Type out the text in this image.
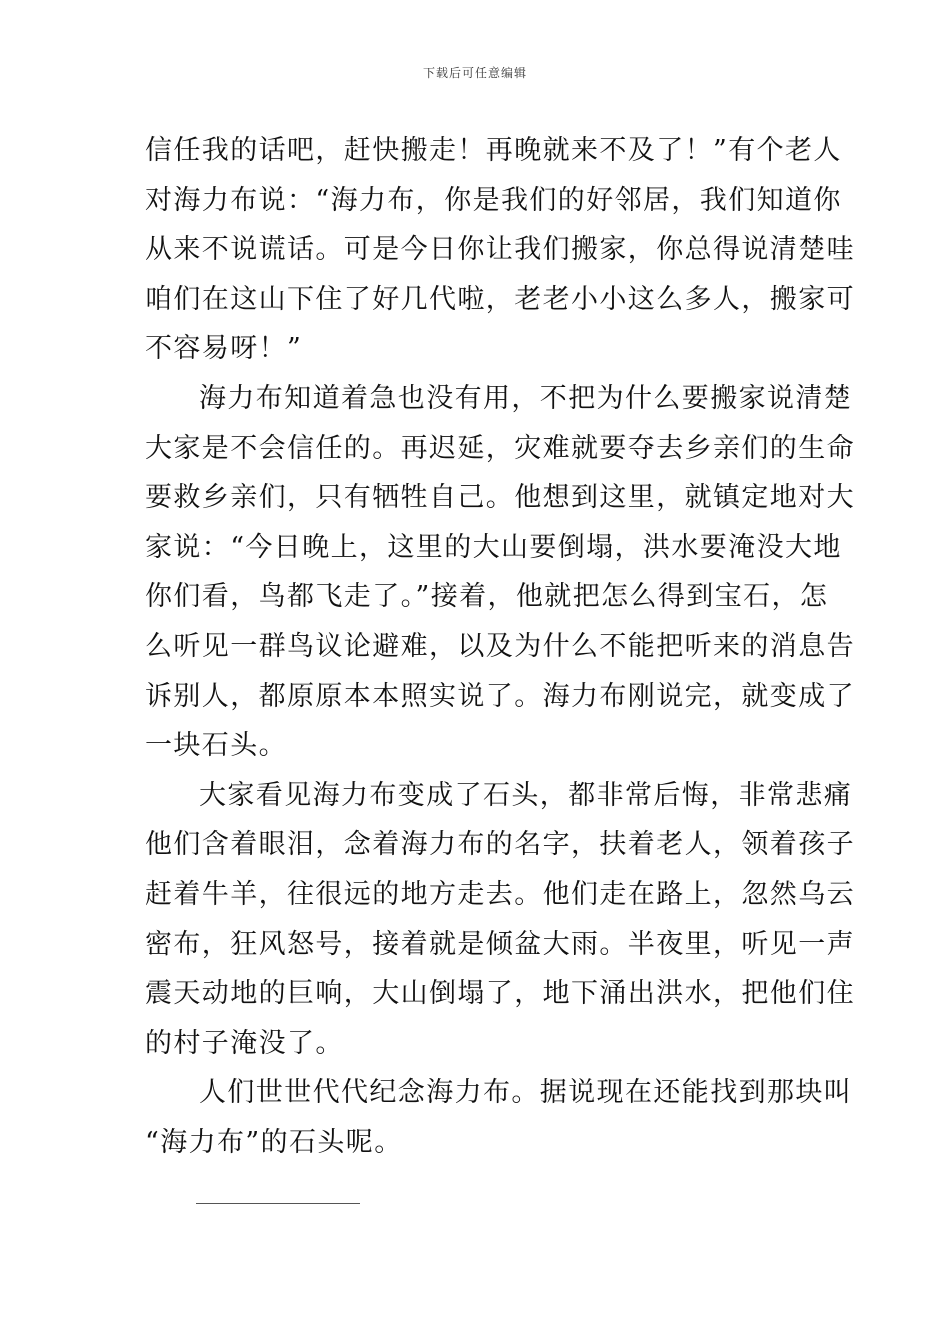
下载后可任意编辑
信任我的话吧，赶快搬走！再晚就来不及了！”有个老人
对海力布说：“海力布，你是我们的好邻居，我们知道你
从来不说谎话。可是今日你让我们搬家，你总得说清楚哇
咱们在这山下住了好几代啦，老老小小这么多人，搬家可
不容易呀！”
海力布知道着急也没有用，不把为什么要搬家说清楚
大家是不会信任的。再迟延，灾难就要夺去乡亲们的生命
要救乡亲们，只有牺牲自己。他想到这里，就镇定地对大
家说：“今日晚上，这里的大山要倒塌，洪水要淹没大地
你们看，鸟都飞走了。”接着，他就把怎么得到宝石，怎
么听见一群鸟议论避难，以及为什么不能把听来的消息告
诉别人，都原原本本照实说了。海力布刚说完，就变成了
一块石头。
大家看见海力布变成了石头，都非常后悔，非常悲痛
他们含着眼泪，念着海力布的名字，扶着老人，领着孩子
赶着牛羊，往很远的地方走去。他们走在路上，忽然乌云
密布，狂风怒号，接着就是倾盆大雨。半夜里，听见一声
震天动地的巨响，大山倒塌了，地下涌出洪水，把他们住
的村子淹没了。
人们世世代代纪念海力布。据说现在还能找到那块叫
“海力布”的石头呢。
